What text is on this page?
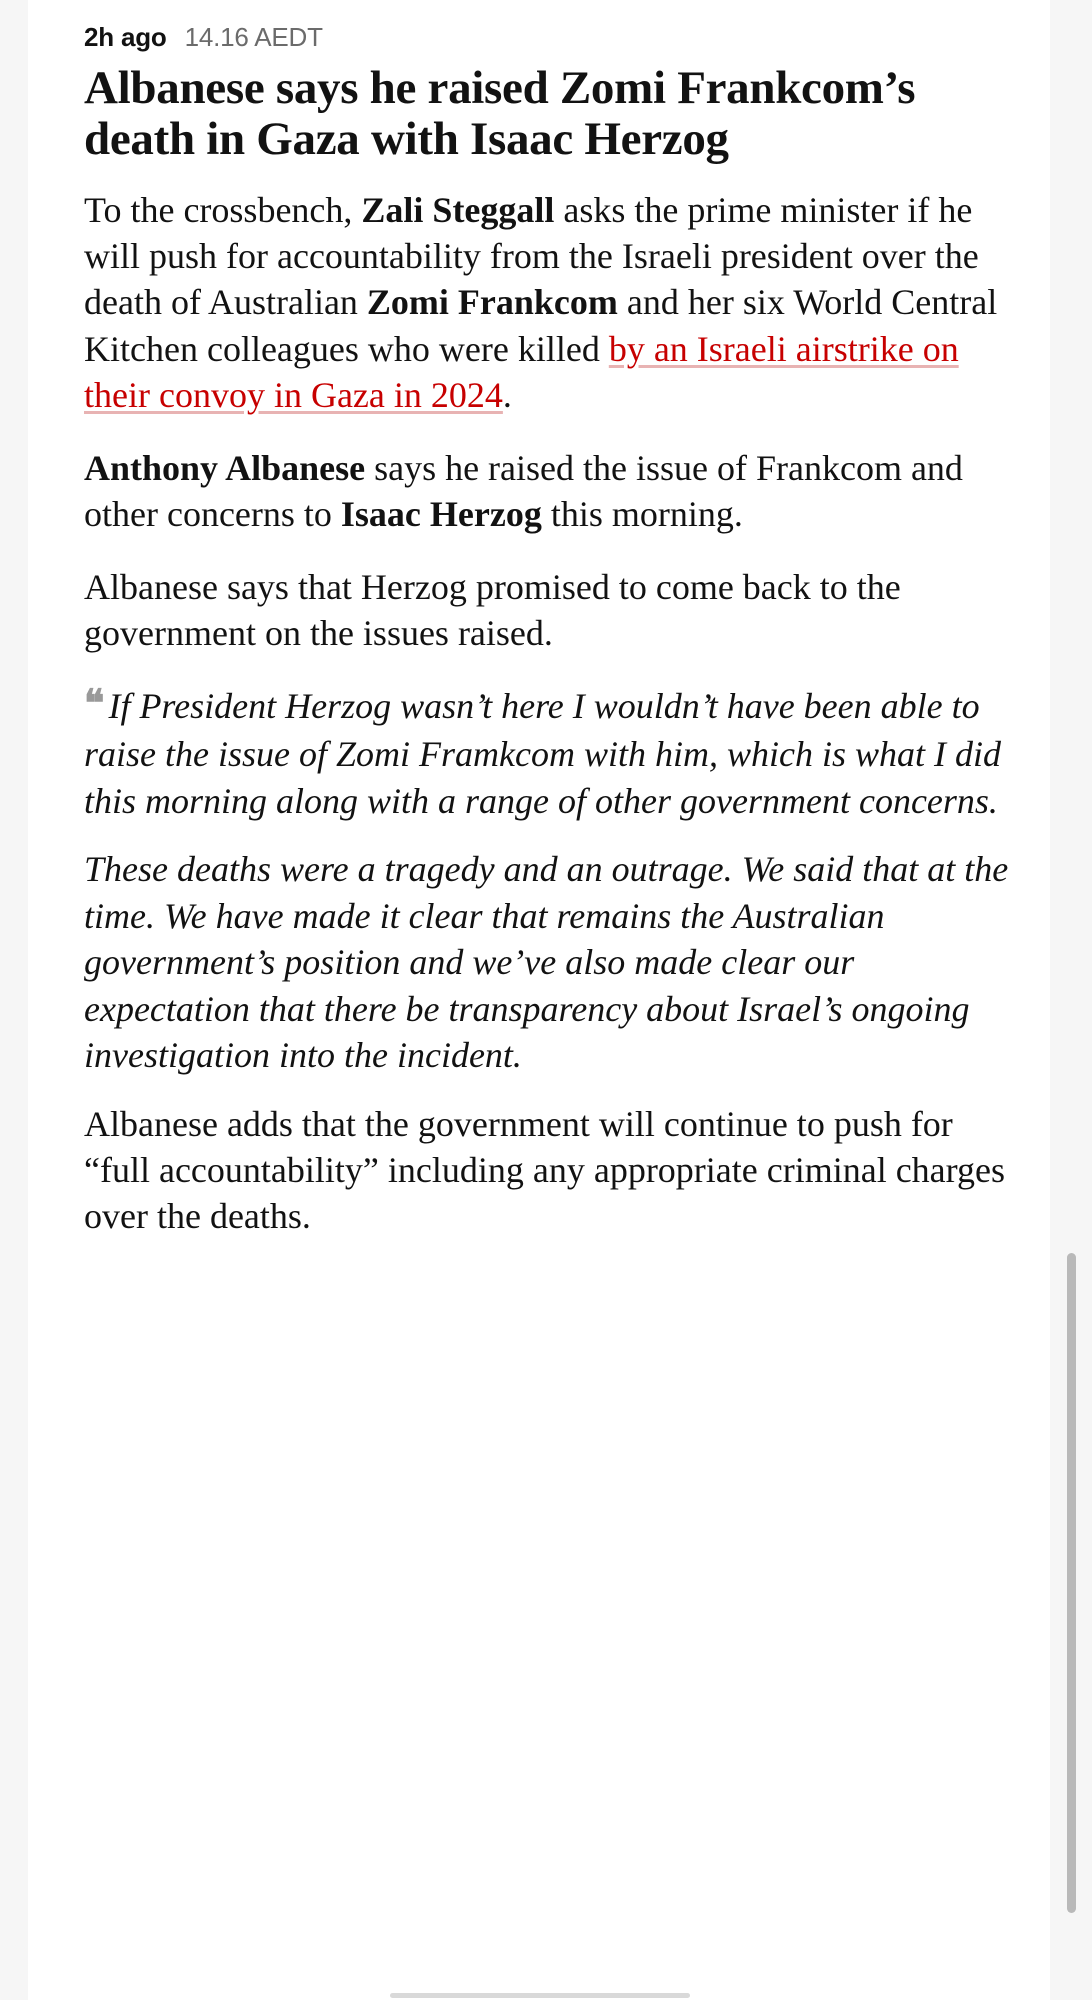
2h ago 14.16 AEDT
Albanese says he raised Zomi Frankcom’s death in Gaza with Isaac Herzog

To the crossbench, Zali Steggall asks the prime minister if he will push for accountability from the Israeli president over the death of Australian Zomi Frankcom and her six World Central Kitchen colleagues who were killed by an Israeli airstrike on their convoy in Gaza in 2024.

Anthony Albanese says he raised the issue of Frankcom and other concerns to Isaac Herzog this morning.

Albanese says that Herzog promised to come back to the government on the issues raised.

❝ If President Herzog wasn’t here I wouldn’t have been able to raise the issue of Zomi Framkcom with him, which is what I did this morning along with a range of other government concerns.

These deaths were a tragedy and an outrage. We said that at the time. We have made it clear that remains the Australian government’s position and we’ve also made clear our expectation that there be transparency about Israel’s ongoing investigation into the incident.

Albanese adds that the government will continue to push for “full accountability” including any appropriate criminal charges over the deaths.
